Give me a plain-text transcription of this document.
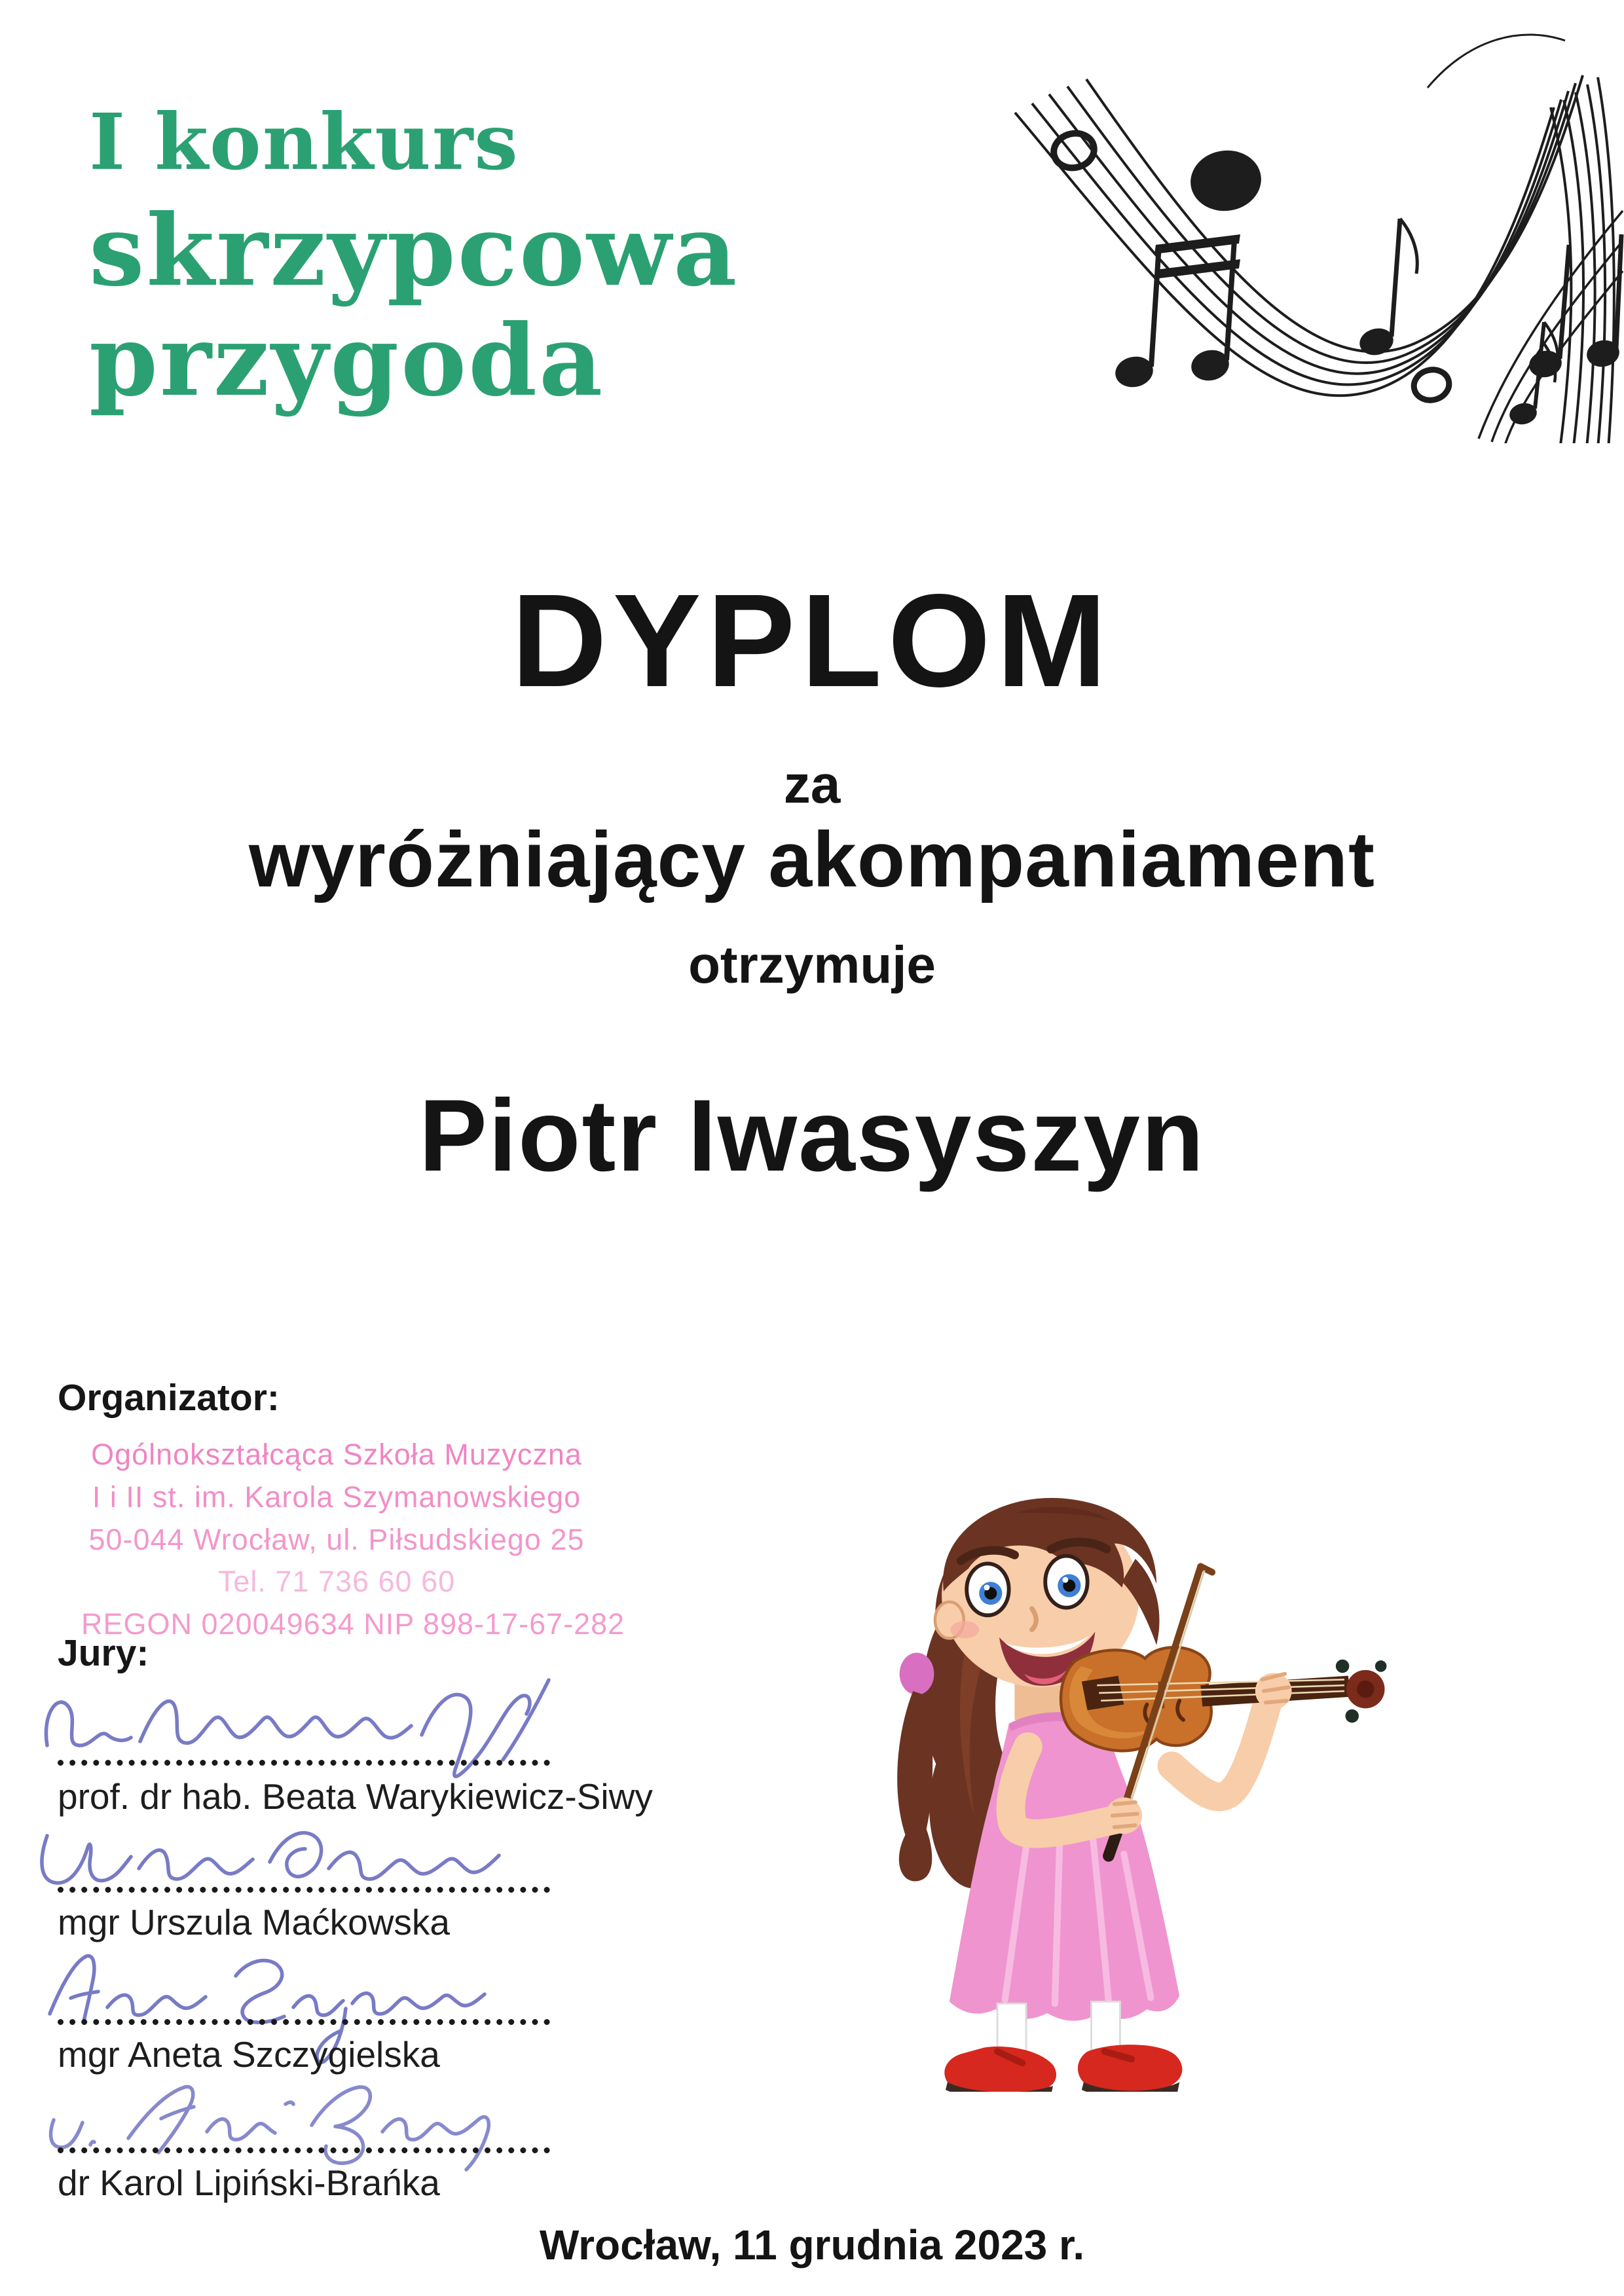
I konkurs
skrzypcowa
przygoda
DYPLOM
za
wyróżniający akompaniament
otrzymuje
Piotr Iwasyszyn
Organizator:
Ogólnokształcąca Szkoła Muzyczna
I i II st. im. Karola Szymanowskiego
50-044 Wrocław, ul. Piłsudskiego 25
Tel. 71 736 60 60
REGON 020049634 NIP 898-17-67-282
Jury:
prof. dr hab. Beata Warykiewicz-Siwy
mgr Urszula Maćkowska
mgr Aneta Szczygielska
dr Karol Lipiński-Brańka
Wrocław, 11 grudnia 2023 r.
